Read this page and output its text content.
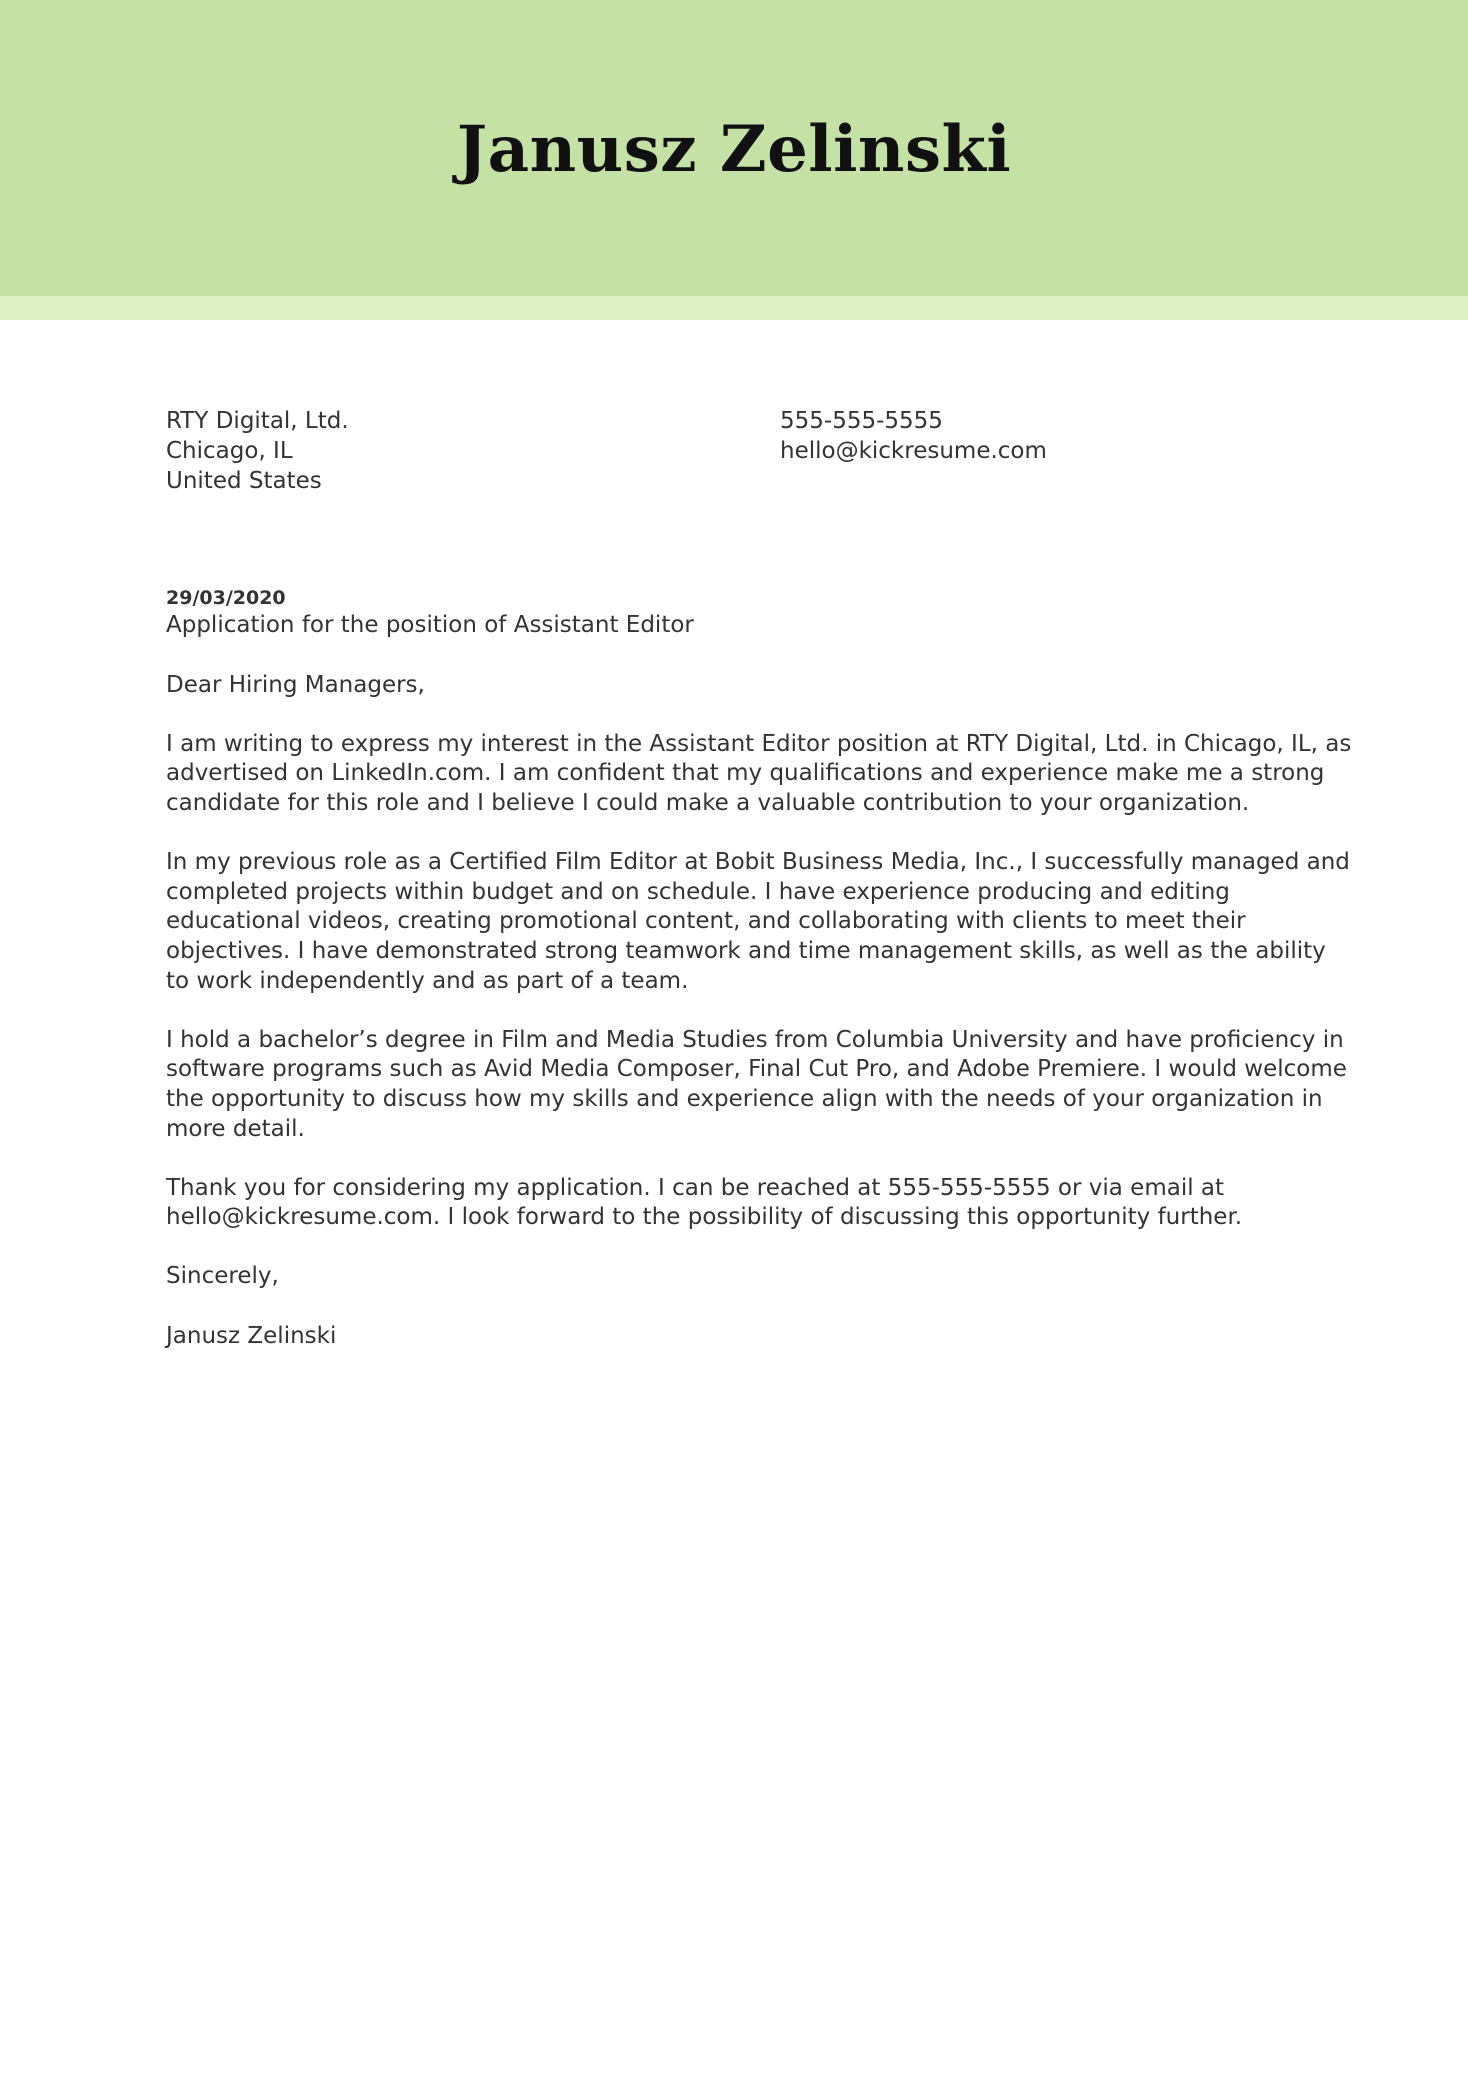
Janusz Zelinski
RTY Digital, Ltd.
Chicago, IL
United States
555-555-5555
hello@kickresume.com

29/03/2020

Application for the position of Assistant Editor

Dear Hiring Managers,

I am writing to express my interest in the Assistant Editor position at RTY Digital, Ltd. in Chicago, IL, as advertised on LinkedIn.com. I am confident that my qualifications and experience make me a strong candidate for this role and I believe I could make a valuable contribution to your organization.

In my previous role as a Certified Film Editor at Bobit Business Media, Inc., I successfully managed and completed projects within budget and on schedule. I have experience producing and editing educational videos, creating promotional content, and collaborating with clients to meet their objectives. I have demonstrated strong teamwork and time management skills, as well as the ability to work independently and as part of a team.

I hold a bachelor’s degree in Film and Media Studies from Columbia University and have proficiency in software programs such as Avid Media Composer, Final Cut Pro, and Adobe Premiere. I would welcome the opportunity to discuss how my skills and experience align with the needs of your organization in more detail.

Thank you for considering my application. I can be reached at 555-555-5555 or via email at hello@kickresume.com. I look forward to the possibility of discussing this opportunity further.

Sincerely,

Janusz Zelinski
